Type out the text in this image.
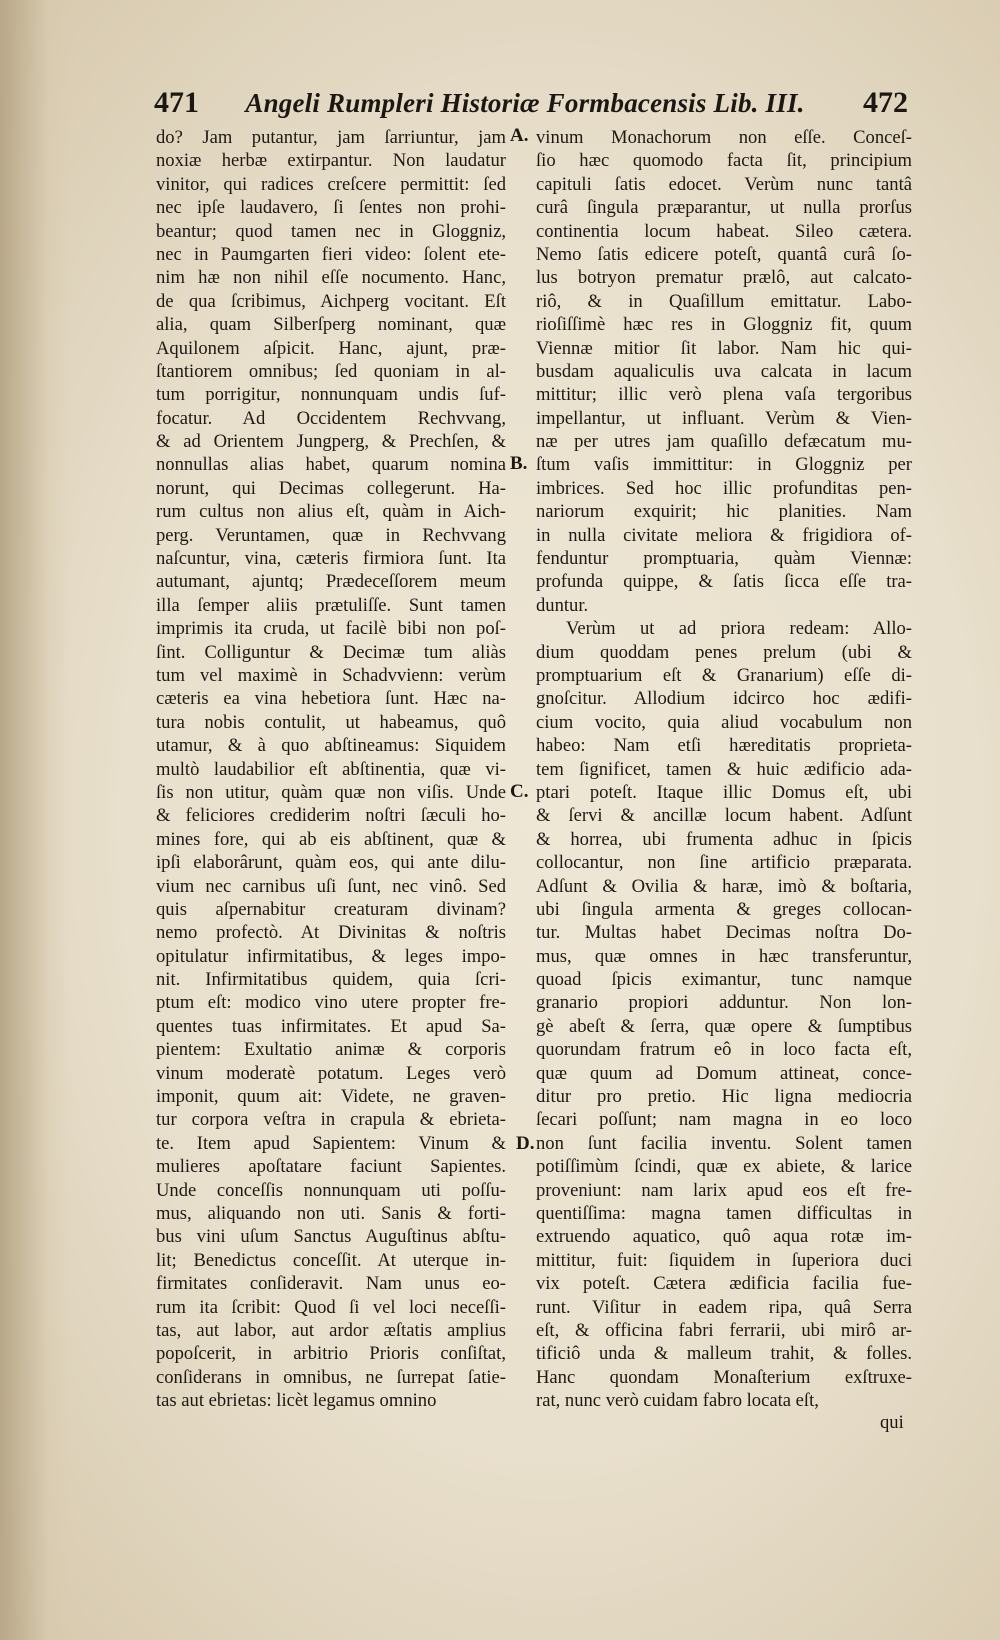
471	Angeli Rumpleri Historiæ Formbacensis Lib. III.	472
do? Jam putantur, jam ſarriuntur, jam
noxiæ herbæ extirpantur. Non laudatur
vinitor, qui radices creſcere permittit: ſed
nec ipſe laudavero, ſi ſentes non prohi-
beantur; quod tamen nec in Gloggniz,
nec in Paumgarten fieri video: ſolent ete-
nim hæ non nihil eſſe nocumento. Hanc,
de qua ſcribimus, Aichperg vocitant. Eſt
alia, quam Silberſperg nominant, quæ
Aquilonem aſpicit. Hanc, ajunt, præ-
ſtantiorem omnibus; ſed quoniam in al-
tum porrigitur, nonnunquam undis ſuf-
focatur. Ad Occidentem Rechvvang,
& ad Orientem Jungperg, & Prechſen, &
nonnullas alias habet, quarum nomina
norunt, qui Decimas collegerunt. Ha-
rum cultus non alius eſt, quàm in Aich-
perg. Veruntamen, quæ in Rechvvang
naſcuntur, vina, cæteris firmiora ſunt. Ita
autumant, ajuntq; Prædeceſſorem meum
illa ſemper aliis prætuliſſe. Sunt tamen
imprimis ita cruda, ut facilè bibi non poſ-
ſint. Colliguntur & Decimæ tum aliàs
tum vel maximè in Schadvvienn: verùm
cæteris ea vina hebetiora ſunt. Hæc na-
tura nobis contulit, ut habeamus, quô
utamur, & à quo abſtineamus: Siquidem
multò laudabilior eſt abſtinentia, quæ vi-
ſis non utitur, quàm quæ non viſis. Unde
& feliciores crediderim noſtri ſæculi ho-
mines fore, qui ab eis abſtinent, quæ &
ipſi elaborârunt, quàm eos, qui ante dilu-
vium nec carnibus uſi ſunt, nec vinô. Sed
quis aſpernabitur creaturam divinam?
nemo profectò. At Divinitas & noſtris
opitulatur infirmitatibus, & leges impo-
nit. Infirmitatibus quidem, quia ſcri-
ptum eſt: modico vino utere propter fre-
quentes tuas infirmitates. Et apud Sa-
pientem: Exultatio animæ & corporis
vinum moderatè potatum. Leges verò
imponit, quum ait: Videte, ne graven-
tur corpora veſtra in crapula & ebrieta-
te. Item apud Sapientem: Vinum &
mulieres apoſtatare faciunt Sapientes.
Unde conceſſis nonnunquam uti poſſu-
mus, aliquando non uti. Sanis & forti-
bus vini uſum Sanctus Auguſtinus abſtu-
lit; Benedictus conceſſit. At uterque in-
firmitates conſideravit. Nam unus eo-
rum ita ſcribit: Quod ſi vel loci neceſſi-
tas, aut labor, aut ardor æſtatis amplius
popoſcerit, in arbitrio Prioris conſiſtat,
conſiderans in omnibus, ne ſurrepat ſatie-
tas aut ebrietas: licèt legamus omnino
vinum Monachorum non eſſe. Conceſ-
ſio hæc quomodo facta ſit, principium
capituli ſatis edocet. Verùm nunc tantâ
curâ ſingula præparantur, ut nulla prorſus
continentia locum habeat. Sileo cætera.
Nemo ſatis edicere poteſt, quantâ curâ ſo-
lus botryon prematur prælô, aut calcato-
riô, & in Quaſillum emittatur. Labo-
rioſiſſimè hæc res in Gloggniz fit, quum
Viennæ mitior ſit labor. Nam hic qui-
busdam aqualiculis uva calcata in lacum
mittitur; illic verò plena vaſa tergoribus
impellantur, ut influant. Verùm & Vien-
næ per utres jam quaſillo defæcatum mu-
ſtum vaſis immittitur: in Gloggniz per
imbrices. Sed hoc illic profunditas pen-
nariorum exquirit; hic planities. Nam
in nulla civitate meliora & frigidiora of-
fenduntur promptuaria, quàm Viennæ:
profunda quippe, & ſatis ſicca eſſe tra-
duntur.
Verùm ut ad priora redeam: Allo-
dium quoddam penes prelum (ubi &
promptuarium eſt & Granarium) eſſe di-
gnoſcitur. Allodium idcirco hoc ædifi-
cium vocito, quia aliud vocabulum non
habeo: Nam etſi hæreditatis proprieta-
tem ſignificet, tamen & huic ædificio ada-
ptari poteſt. Itaque illic Domus eſt, ubi
& ſervi & ancillæ locum habent. Adſunt
& horrea, ubi frumenta adhuc in ſpicis
collocantur, non ſine artificio præparata.
Adſunt & Ovilia & haræ, imò & boſtaria,
ubi ſingula armenta & greges collocan-
tur. Multas habet Decimas noſtra Do-
mus, quæ omnes in hæc transferuntur,
quoad ſpicis eximantur, tunc namque
granario propiori adduntur. Non lon-
gè abeſt & ſerra, quæ opere & ſumptibus
quorundam fratrum eô in loco facta eſt,
quæ quum ad Domum attineat, conce-
ditur pro pretio. Hic ligna mediocria
ſecari poſſunt; nam magna in eo loco
non ſunt facilia inventu. Solent tamen
potiſſimùm ſcindi, quæ ex abiete, & larice
proveniunt: nam larix apud eos eſt fre-
quentiſſima: magna tamen difficultas in
extruendo aquatico, quô aqua rotæ im-
mittitur, fuit: ſiquidem in ſuperiora duci
vix poteſt. Cætera ædificia facilia fue-
runt. Viſitur in eadem ripa, quâ Serra
eſt, & officina fabri ferrarii, ubi mirô ar-
tificiô unda & malleum trahit, & folles.
Hanc quondam Monaſterium exſtruxe-
rat, nunc verò cuidam fabro locata eſt,
A.
B.
C.
D.
qui
